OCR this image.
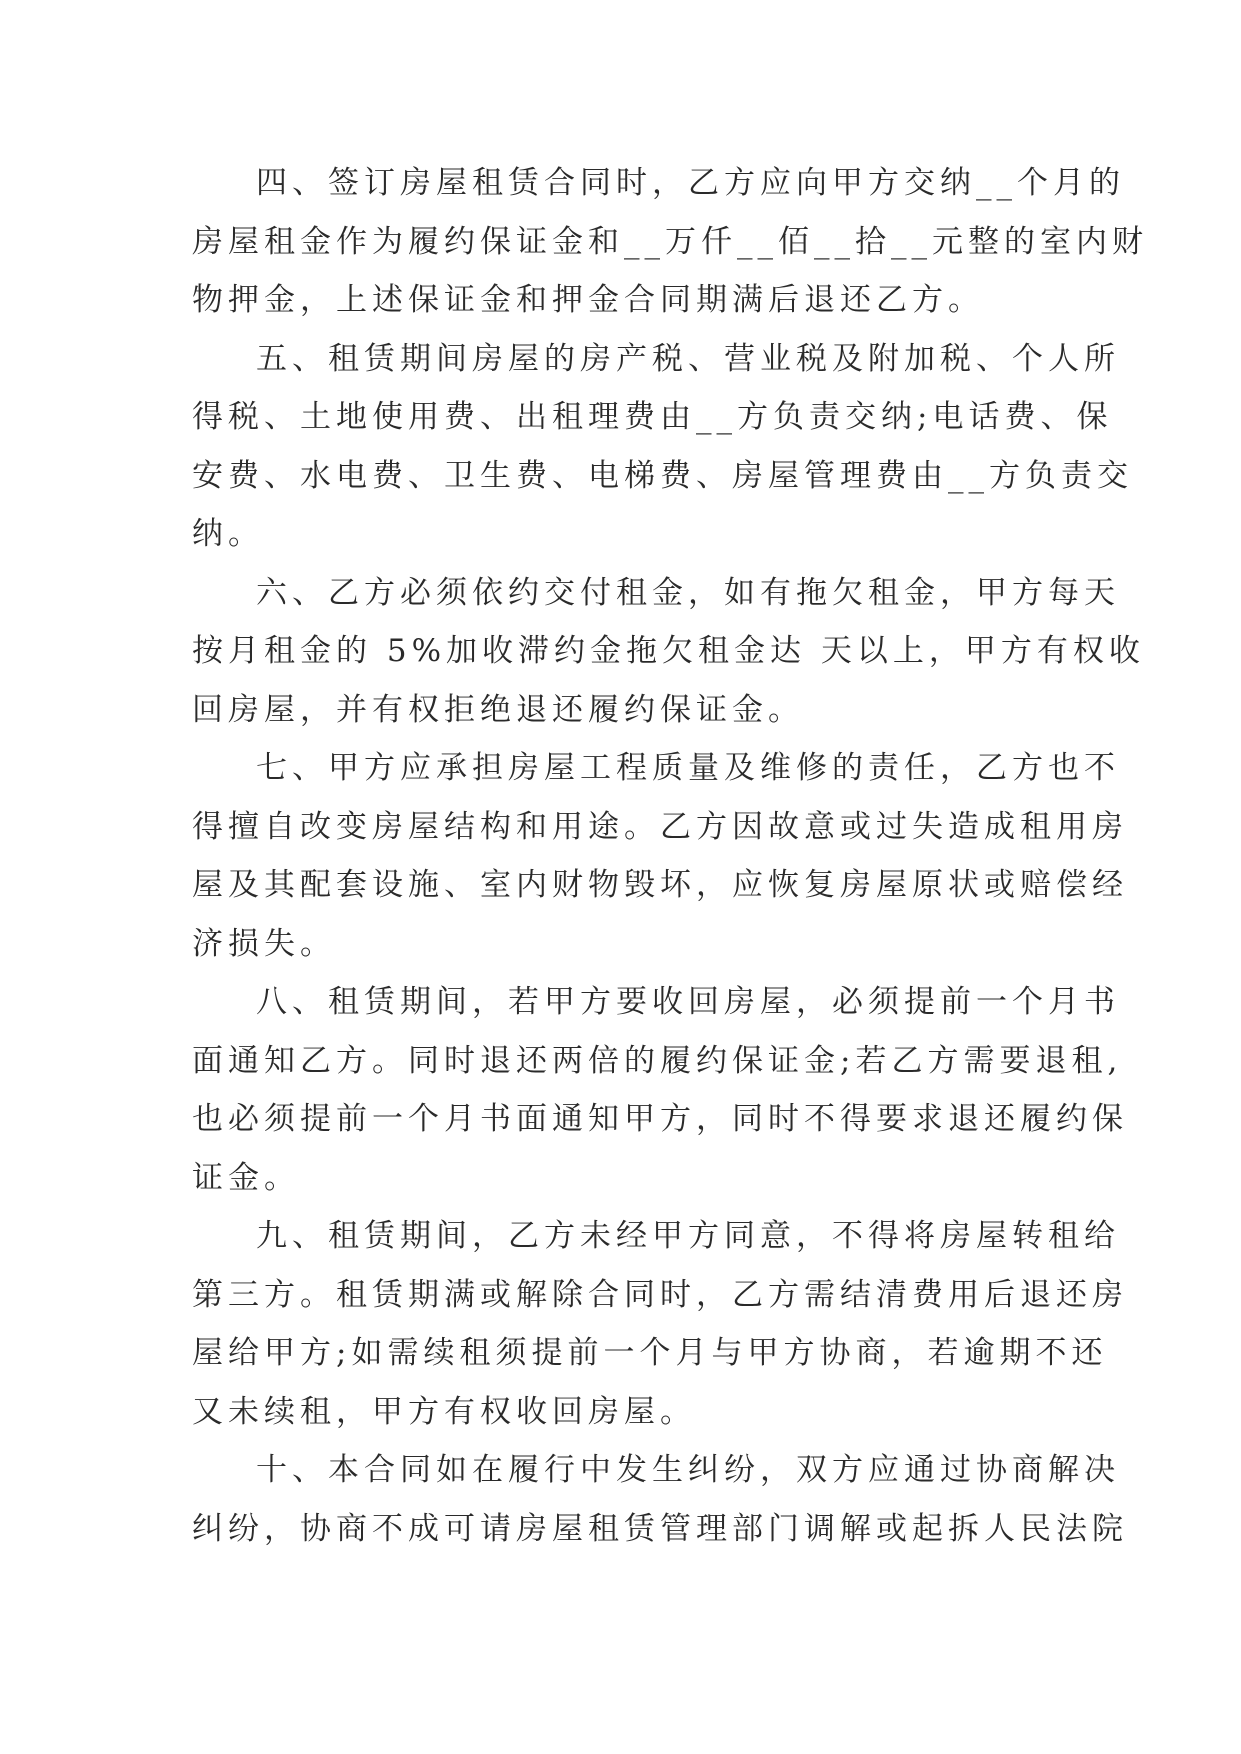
四、签订房屋租赁合同时，乙方应向甲方交纳__个月的
房屋租金作为履约保证金和__万仟__佰__拾__元整的室内财
物押金，上述保证金和押金合同期满后退还乙方。
五、租赁期间房屋的房产税、营业税及附加税、个人所
得税、土地使用费、出租理费由__方负责交纳;电话费、保
安费、水电费、卫生费、电梯费、房屋管理费由__方负责交
纳。
六、乙方必须依约交付租金，如有拖欠租金，甲方每天
按月租金的 5%加收滞约金拖欠租金达 天以上，甲方有权收
回房屋，并有权拒绝退还履约保证金。
七、甲方应承担房屋工程质量及维修的责任，乙方也不
得擅自改变房屋结构和用途。乙方因故意或过失造成租用房
屋及其配套设施、室内财物毁坏，应恢复房屋原状或赔偿经
济损失。
八、租赁期间，若甲方要收回房屋，必须提前一个月书
面通知乙方。同时退还两倍的履约保证金;若乙方需要退租,
也必须提前一个月书面通知甲方，同时不得要求退还履约保
证金。
九、租赁期间，乙方未经甲方同意，不得将房屋转租给
第三方。租赁期满或解除合同时，乙方需结清费用后退还房
屋给甲方;如需续租须提前一个月与甲方协商，若逾期不还
又未续租，甲方有权收回房屋。
十、本合同如在履行中发生纠纷，双方应通过协商解决
纠纷，协商不成可请房屋租赁管理部门调解或起拆人民法院
